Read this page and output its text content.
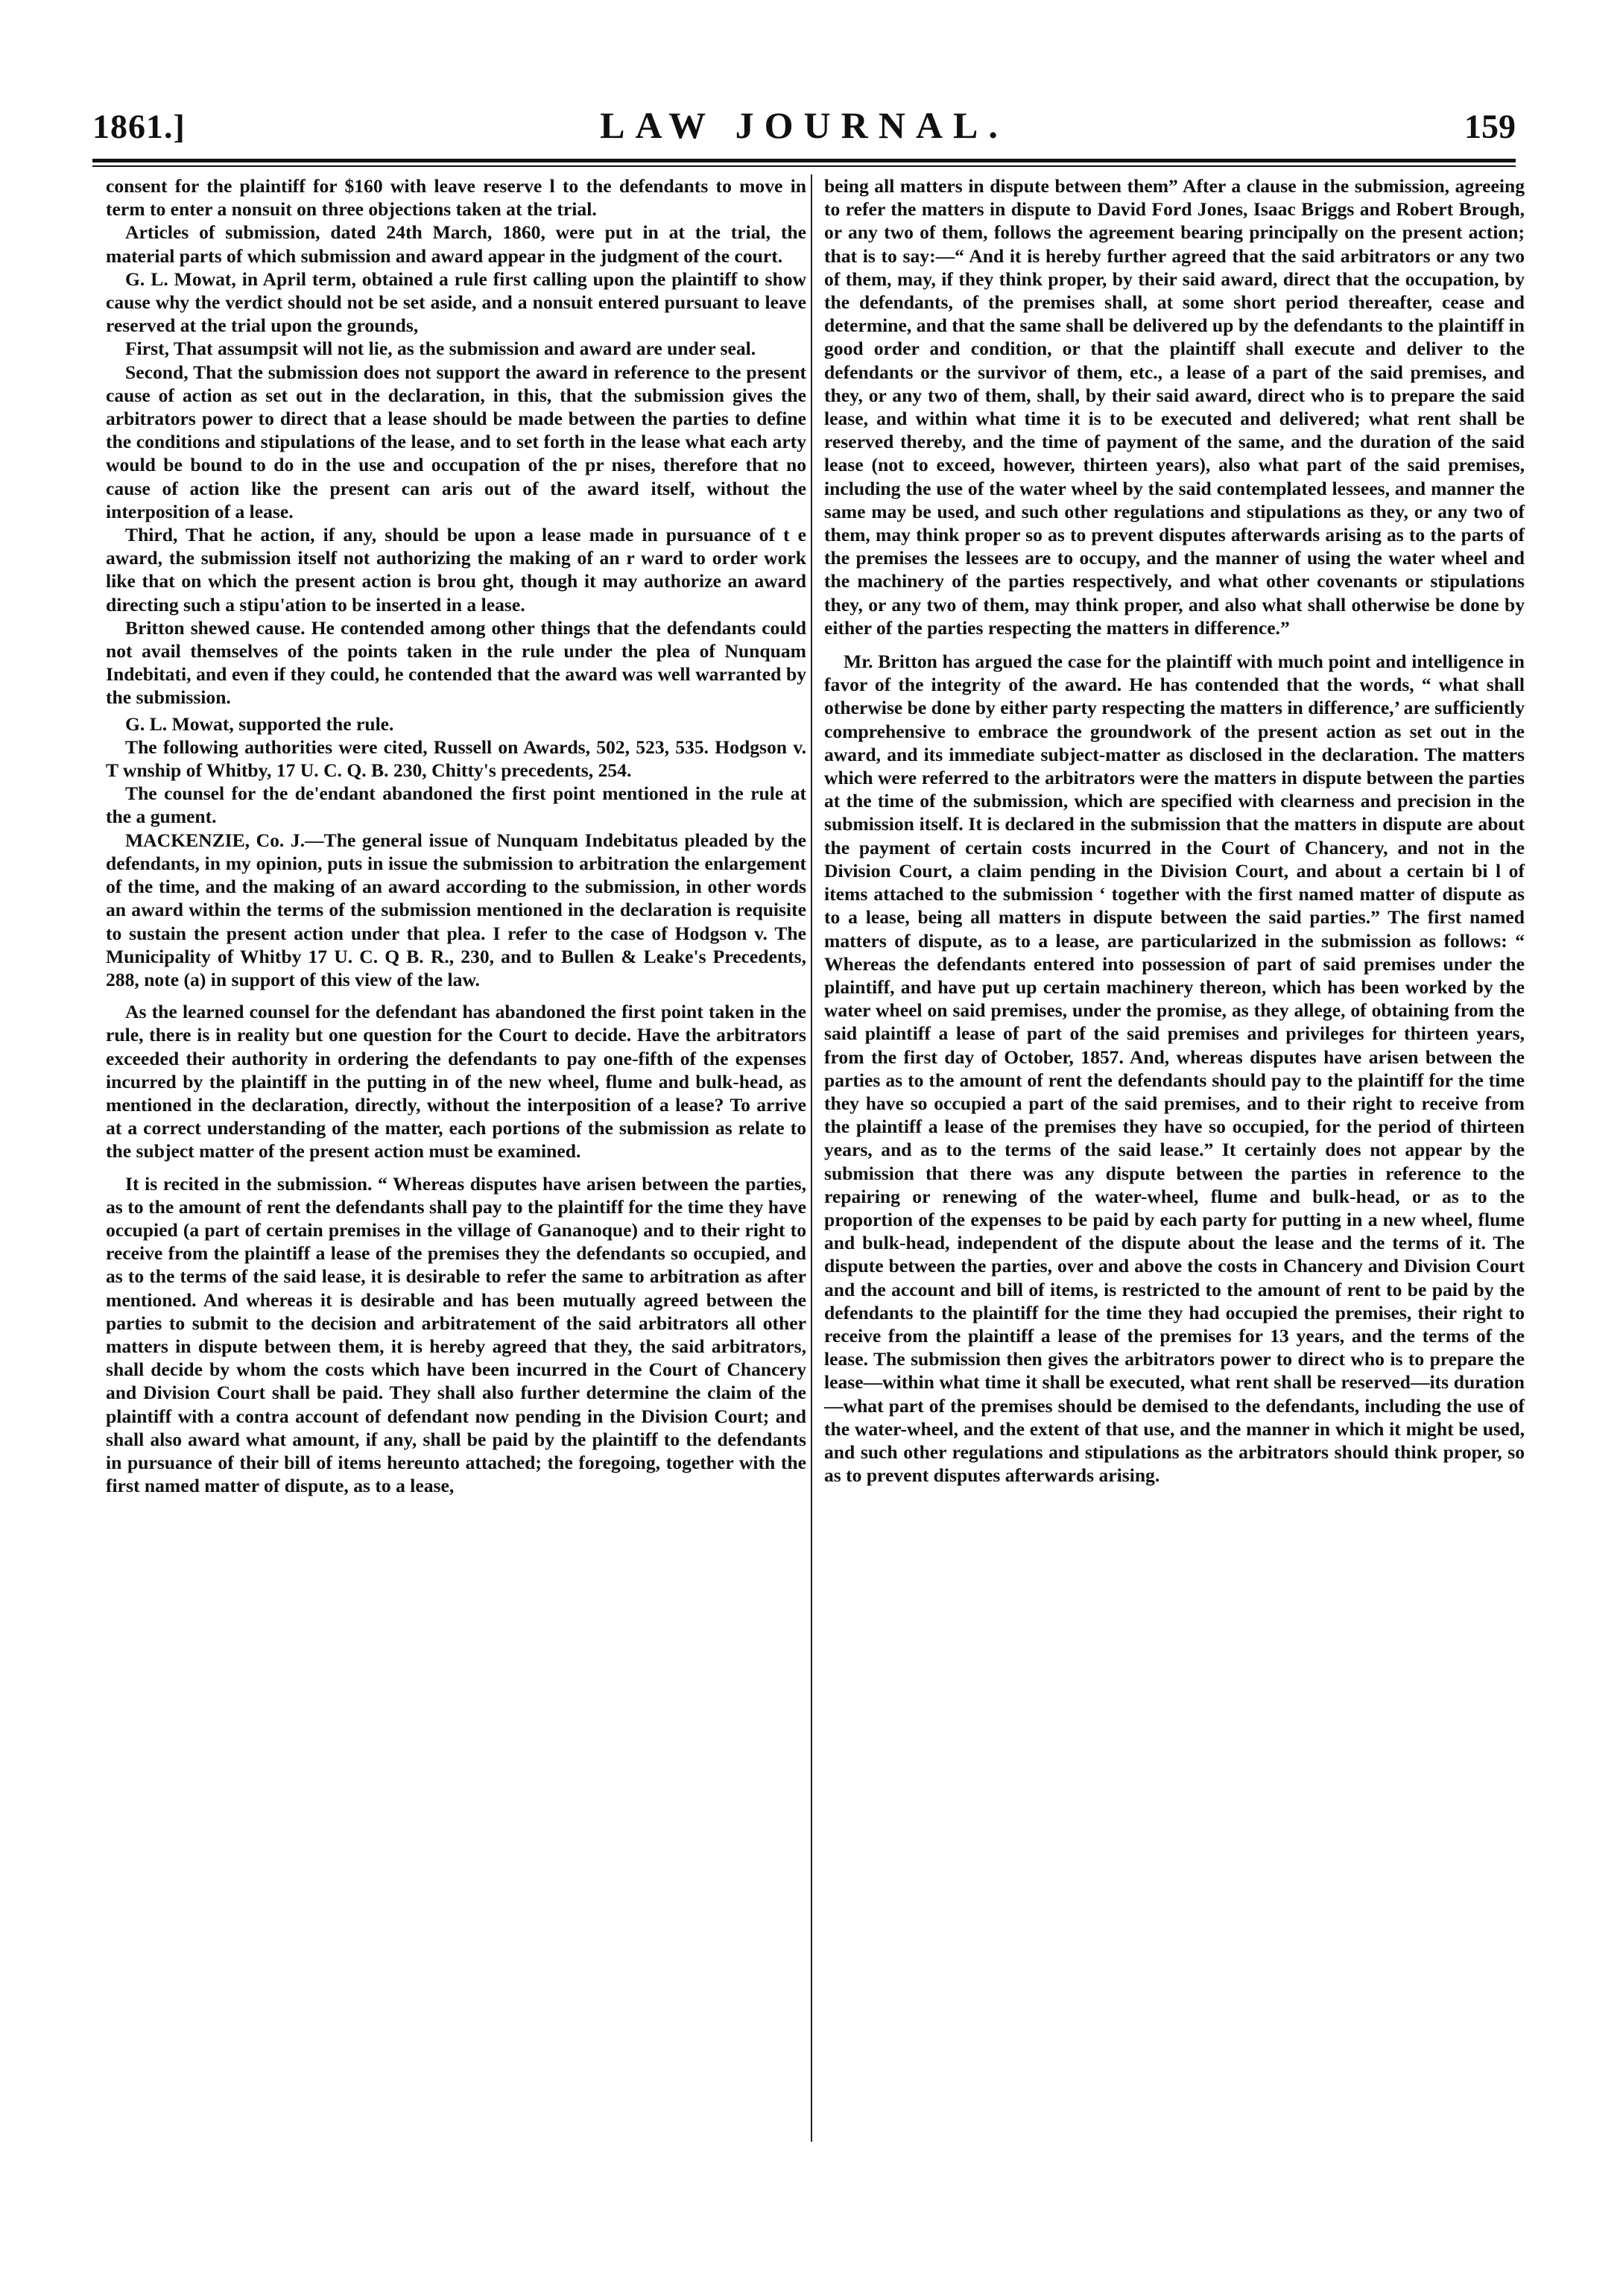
1861.]	LAW JOURNAL.	159

consent for the plaintiff for $160 with leave reserve l to the defendants to move in term to enter a nonsuit on three objections taken at the trial.

Articles of submission, dated 24th March, 1860, were put in at the trial, the material parts of which submission and award appear in the judgment of the court.

G. L. Mowat, in April term, obtained a rule first calling upon the plaintiff to show cause why the verdict should not be set aside, and a nonsuit entered pursuant to leave reserved at the trial upon the grounds,

First, That assumpsit will not lie, as the submission and award are under seal.

Second, That the submission does not support the award in reference to the present cause of action as set out in the declaration, in this, that the submission gives the arbitrators power to direct that a lease should be made between the parties to define the conditions and stipulations of the lease, and to set forth in the lease what each arty would be bound to do in the use and occupation of the pr nises, therefore that no cause of action like the present can aris out of the award itself, without the interposition of a lease.

Third, That he action, if any, should be upon a lease made in pursuance of t e award, the submission itself not authorizing the making of an r ward to order work like that on which the present action is brou ght, though it may authorize an award directing such a stipu'ation to be inserted in a lease.

Britton shewed cause. He contended among other things that the defendants could not avail themselves of the points taken in the rule under the plea of Nunquam Indebitati, and even if they could, he contended that the award was well warranted by the submission.

G. L. Mowat, supported the rule.

The following authorities were cited, Russell on Awards, 502, 523, 535. Hodgson v. T wnship of Whitby, 17 U. C. Q. B. 230, Chitty's precedents, 254.

The counsel for the de'endant abandoned the first point mentioned in the rule at the a gument.

MACKENZIE, Co. J.—The general issue of Nunquam Indebitatus pleaded by the defendants, in my opinion, puts in issue the submission to arbitration the enlargement of the time, and the making of an award according to the submission, in other words an award within the terms of the submission mentioned in the declaration is requisite to sustain the present action under that plea. I refer to the case of Hodgson v. The Municipality of Whitby 17 U. C. Q B. R., 230, and to Bullen & Leake's Precedents, 288, note (a) in support of this view of the law.

As the learned counsel for the defendant has abandoned the first point taken in the rule, there is in reality but one question for the Court to decide. Have the arbitrators exceeded their authority in ordering the defendants to pay one-fifth of the expenses incurred by the plaintiff in the putting in of the new wheel, flume and bulk-head, as mentioned in the declaration, directly, without the interposition of a lease? To arrive at a correct understanding of the matter, each portions of the submission as relate to the subject matter of the present action must be examined.

It is recited in the submission. “ Whereas disputes have arisen between the parties, as to the amount of rent the defendants shall pay to the plaintiff for the time they have occupied (a part of certain premises in the village of Gananoque) and to their right to receive from the plaintiff a lease of the premises they the defendants so occupied, and as to the terms of the said lease, it is desirable to refer the same to arbitration as after mentioned. And whereas it is desirable and has been mutually agreed between the parties to submit to the decision and arbitratement of the said arbitrators all other matters in dispute between them, it is hereby agreed that they, the said arbitrators, shall decide by whom the costs which have been incurred in the Court of Chancery and Division Court shall be paid. They shall also further determine the claim of the plaintiff with a contra account of defendant now pending in the Division Court; and shall also award what amount, if any, shall be paid by the plaintiff to the defendants in pursuance of their bill of items hereunto attached; the foregoing, together with the first named matter of dispute, as to a lease,

being all matters in dispute between them” After a clause in the submission, agreeing to refer the matters in dispute to David Ford Jones, Isaac Briggs and Robert Brough, or any two of them, follows the agreement bearing principally on the present action; that is to say:—“ And it is hereby further agreed that the said arbitrators or any two of them, may, if they think proper, by their said award, direct that the occupation, by the defendants, of the premises shall, at some short period thereafter, cease and determine, and that the same shall be delivered up by the defendants to the plaintiff in good order and condition, or that the plaintiff shall execute and deliver to the defendants or the survivor of them, etc., a lease of a part of the said premises, and they, or any two of them, shall, by their said award, direct who is to prepare the said lease, and within what time it is to be executed and delivered; what rent shall be reserved thereby, and the time of payment of the same, and the duration of the said lease (not to exceed, however, thirteen years), also what part of the said premises, including the use of the water wheel by the said contemplated lessees, and manner the same may be used, and such other regulations and stipulations as they, or any two of them, may think proper so as to prevent disputes afterwards arising as to the parts of the premises the lessees are to occupy, and the manner of using the water wheel and the machinery of the parties respectively, and what other covenants or stipulations they, or any two of them, may think proper, and also what shall otherwise be done by either of the parties respecting the matters in difference.”

Mr. Britton has argued the case for the plaintiff with much point and intelligence in favor of the integrity of the award. He has contended that the words, “ what shall otherwise be done by either party respecting the matters in difference,’ are sufficiently comprehensive to embrace the groundwork of the present action as set out in the award, and its immediate subject-matter as disclosed in the declaration. The matters which were referred to the arbitrators were the matters in dispute between the parties at the time of the submission, which are specified with clearness and precision in the submission itself. It is declared in the submission that the matters in dispute are about the payment of certain costs incurred in the Court of Chancery, and not in the Division Court, a claim pending in the Division Court, and about a certain bi l of items attached to the submission ‘ together with the first named matter of dispute as to a lease, being all matters in dispute between the said parties.” The first named matters of dispute, as to a lease, are particularized in the submission as follows: “ Whereas the defendants entered into possession of part of said premises under the plaintiff, and have put up certain machinery thereon, which has been worked by the water wheel on said premises, under the promise, as they allege, of obtaining from the said plaintiff a lease of part of the said premises and privileges for thirteen years, from the first day of October, 1857. And, whereas disputes have arisen between the parties as to the amount of rent the defendants should pay to the plaintiff for the time they have so occupied a part of the said premises, and to their right to receive from the plaintiff a lease of the premises they have so occupied, for the period of thirteen years, and as to the terms of the said lease.” It certainly does not appear by the submission that there was any dispute between the parties in reference to the repairing or renewing of the water-wheel, flume and bulk-head, or as to the proportion of the expenses to be paid by each party for putting in a new wheel, flume and bulk-head, independent of the dispute about the lease and the terms of it. The dispute between the parties, over and above the costs in Chancery and Division Court and the account and bill of items, is restricted to the amount of rent to be paid by the defendants to the plaintiff for the time they had occupied the premises, their right to receive from the plaintiff a lease of the premises for 13 years, and the terms of the lease. The submission then gives the arbitrators power to direct who is to prepare the lease—within what time it shall be executed, what rent shall be reserved—its duration—what part of the premises should be demised to the defendants, including the use of the water-wheel, and the extent of that use, and the manner in which it might be used, and such other regulations and stipulations as the arbitrators should think proper, so as to prevent disputes afterwards arising.
